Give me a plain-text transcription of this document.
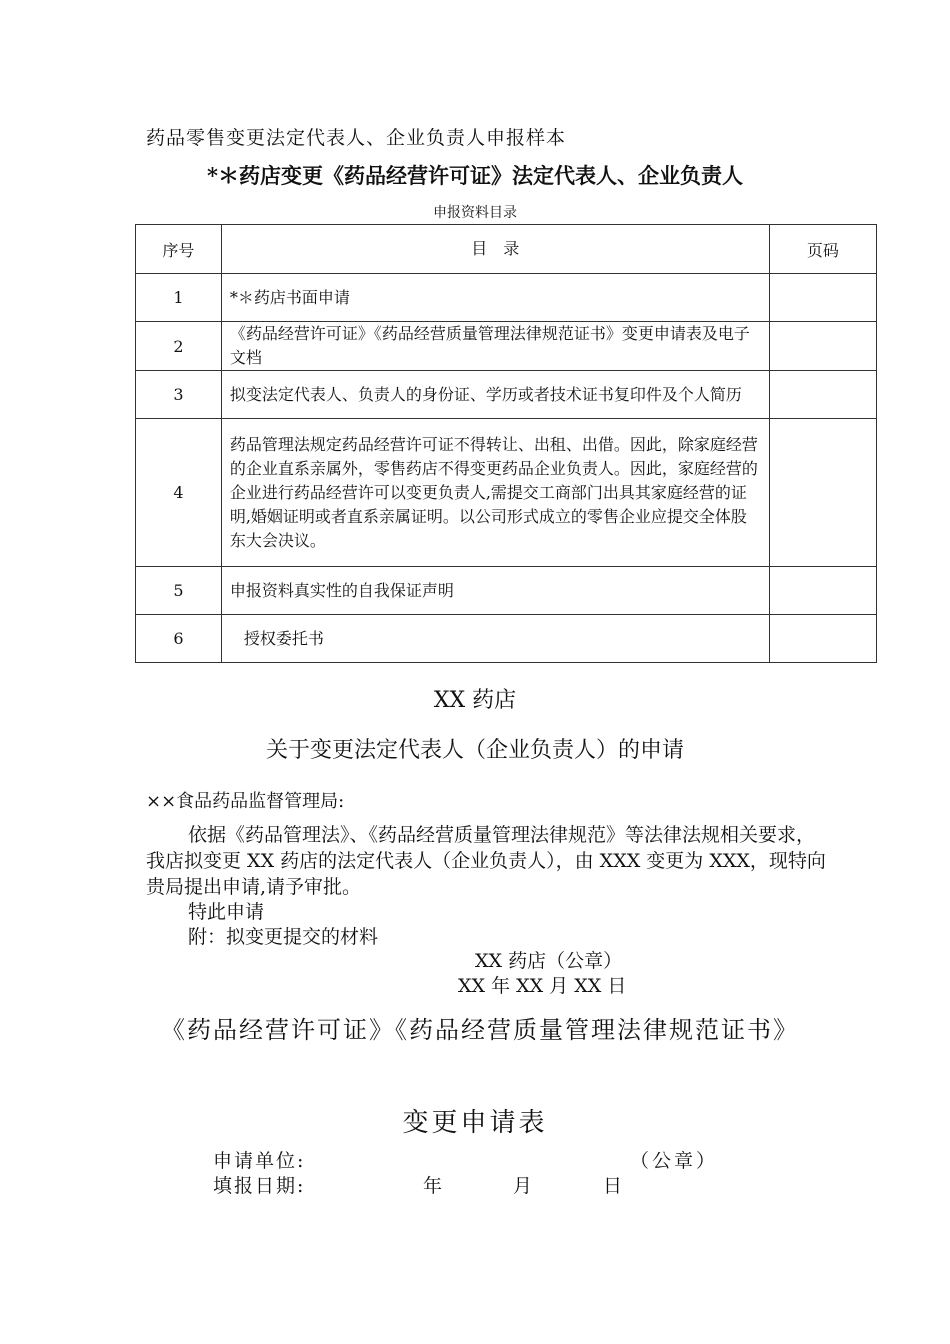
药品零售变更法定代表人、企业负责人申报样本
*＊药店变更《药品经营许可证》法定代表人、企业负责人
申报资料目录
序号	目　录	页码
1	*＊药店书面申请	
2	《药品经营许可证》《药品经营质量管理法律规范证书》变更申请表及电子文档	
3	拟变法定代表人、负责人的身份证、学历或者技术证书复印件及个人简历	
4	药品管理法规定药品经营许可证不得转让、出租、出借。因此，除家庭经营的企业直系亲属外，零售药店不得变更药品企业负责人。因此，家庭经营的企业进行药品经营许可以变更负责人,需提交工商部门出具其家庭经营的证明,婚姻证明或者直系亲属证明。以公司形式成立的零售企业应提交全体股东大会决议。	
5	申报资料真实性的自我保证声明	
6	授权委托书	
XX 药店
关于变更法定代表人（企业负责人）的申请
××食品药品监督管理局:
依据《药品管理法》、《药品经营质量管理法律规范》等法律法规相关要求，我店拟变更 XX 药店的法定代表人（企业负责人），由 XXX 变更为 XXX，现特向贵局提出申请,请予审批。
特此申请
附：拟变更提交的材料
XX 药店（公章）
XX 年 XX 月 XX 日
《药品经营许可证》《药品经营质量管理法律规范证书》
变更申请表
申请单位:	（公章）
填报日期:	年	月	日
